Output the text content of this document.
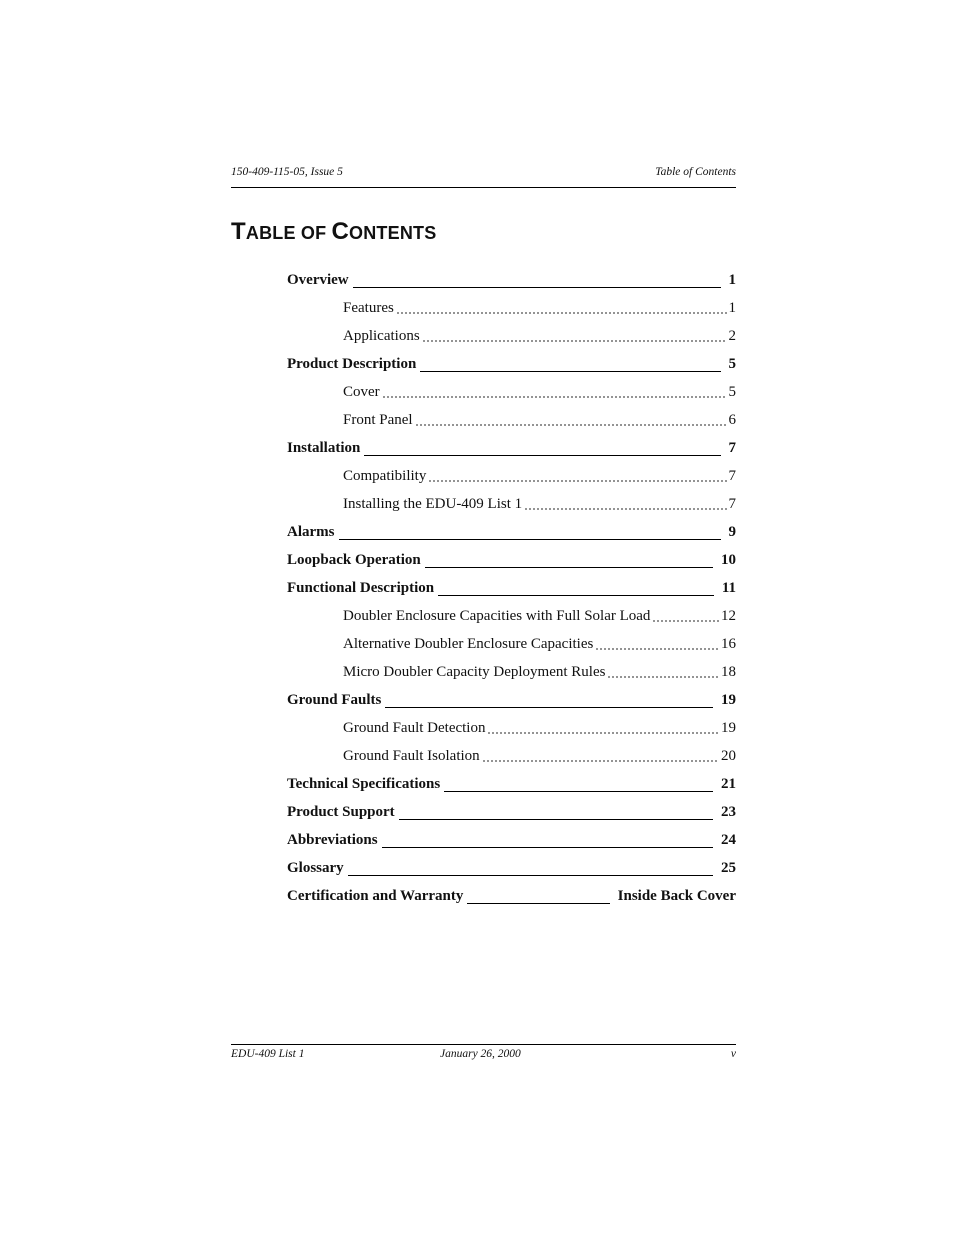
150-409-115-05, Issue 5	Table of Contents
TABLE OF CONTENTS
Overview	1
Features	1
Applications	2
Product Description	5
Cover	5
Front Panel	6
Installation	7
Compatibility	7
Installing the EDU-409 List 1	7
Alarms	9
Loopback Operation	10
Functional Description	11
Doubler Enclosure Capacities with Full Solar Load	12
Alternative Doubler Enclosure Capacities	16
Micro Doubler Capacity Deployment Rules	18
Ground Faults	19
Ground Fault Detection	19
Ground Fault Isolation	20
Technical Specifications	21
Product Support	23
Abbreviations	24
Glossary	25
Certification and Warranty	Inside Back Cover
EDU-409 List 1	January 26, 2000	v
